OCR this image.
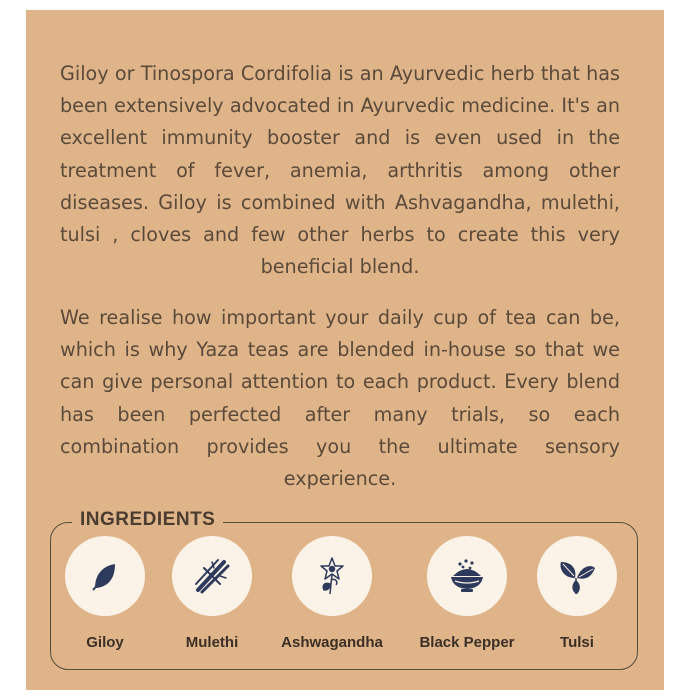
Giloy or Tinospora Cordifolia is an Ayurvedic herb that has been extensively advocated in Ayurvedic medicine. It's an excellent immunity booster and is even used in the treatment of fever, anemia, arthritis among other diseases. Giloy is combined with Ashvagandha, mulethi, tulsi , cloves and few other herbs to create this very beneficial blend.

We realise how important your daily cup of tea can be, which is why Yaza teas are blended in-house so that we can give personal attention to each product. Every blend has been perfected after many trials, so each combination provides you the ultimate sensory experience.

INGREDIENTS
Giloy	Mulethi	Ashwagandha	Black Pepper	Tulsi
